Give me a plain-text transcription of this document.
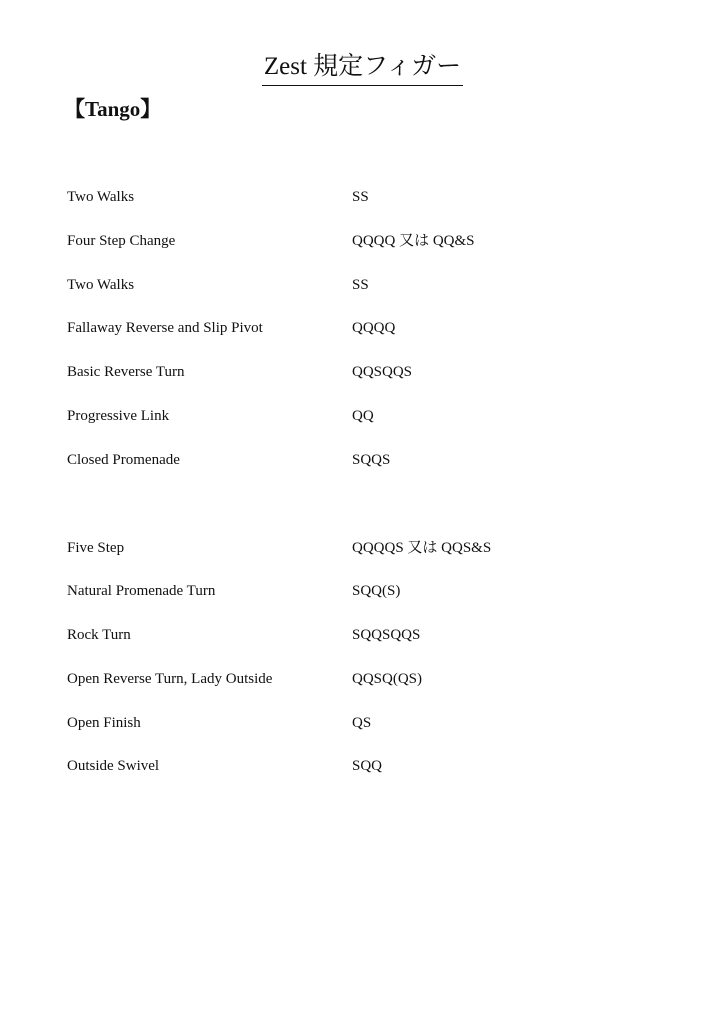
Zest 規定フィガー
【Tango】
Two Walks	SS
Four Step Change	QQQQ 又は QQ&S
Two Walks	SS
Fallaway Reverse and Slip Pivot	QQQQ
Basic Reverse Turn	QQSQQS
Progressive Link	QQ
Closed Promenade	SQQS
Five Step	QQQQS 又は QQS&S
Natural Promenade Turn	SQQ(S)
Rock Turn	SQQSQQS
Open Reverse Turn, Lady Outside	QQSQ(QS)
Open Finish	QS
Outside Swivel	SQQ
